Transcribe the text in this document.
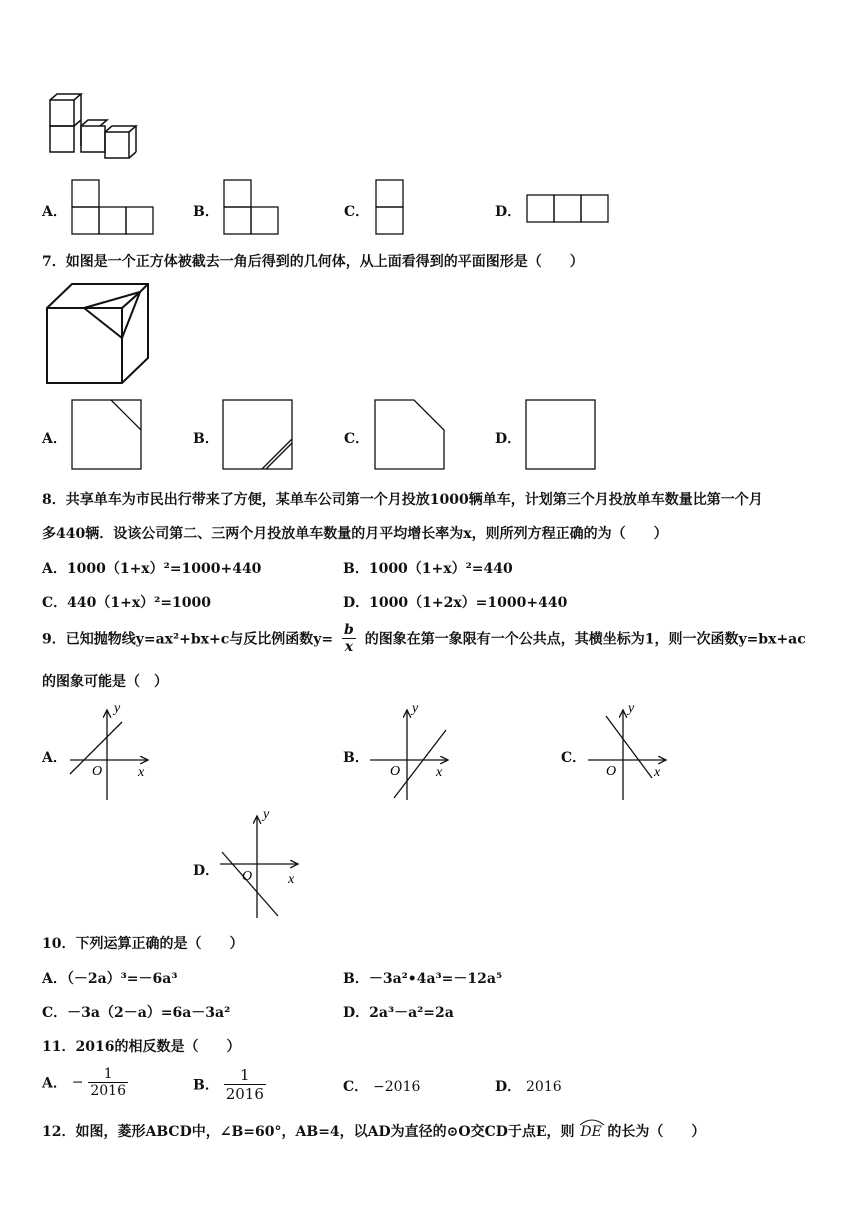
A．	B．	C．	D．
7．如图是一个正方体被截去一角后得到的几何体，从上面看得到的平面图形是（　　）
A．	B．	C．	D．
8．共享单车为市民出行带来了方便，某单车公司第一个月投放1000辆单车，计划第三个月投放单车数量比第一个月
多440辆．设该公司第二、三两个月投放单车数量的月平均增长率为x，则所列方程正确的为（　　）
A．1000（1+x）²=1000+440	B．1000（1+x）²=440
C．440（1+x）²=1000	D．1000（1+2x）=1000+440
9．已知抛物线y=ax²+bx+c与反比例函数$y= \frac{b}{x}$ 的图象在第一象限有一个公共点，其横坐标为1，则一次函数y=bx+ac
的图象可能是（　）
A．
y
x
O
B．
y
x
O
C．
y
x
O
D．
y
x
O
10．下列运算正确的是（　　）
A．（－2a）³=－6a³	B．－3a²•4a³=－12a⁵
C．－3a（2－a）=6a－3a²	D．2a³－a²=2a
11．2016的相反数是（　　）
A． − $\frac{1}{2016}$	B． $\frac{1}{2016}$	C． −2016	D． 2016
12．如图，菱形ABCD中，∠B=60°，AB=4，以AD为直径的⊙O交CD于点E，则 DE 的长为（　　）
